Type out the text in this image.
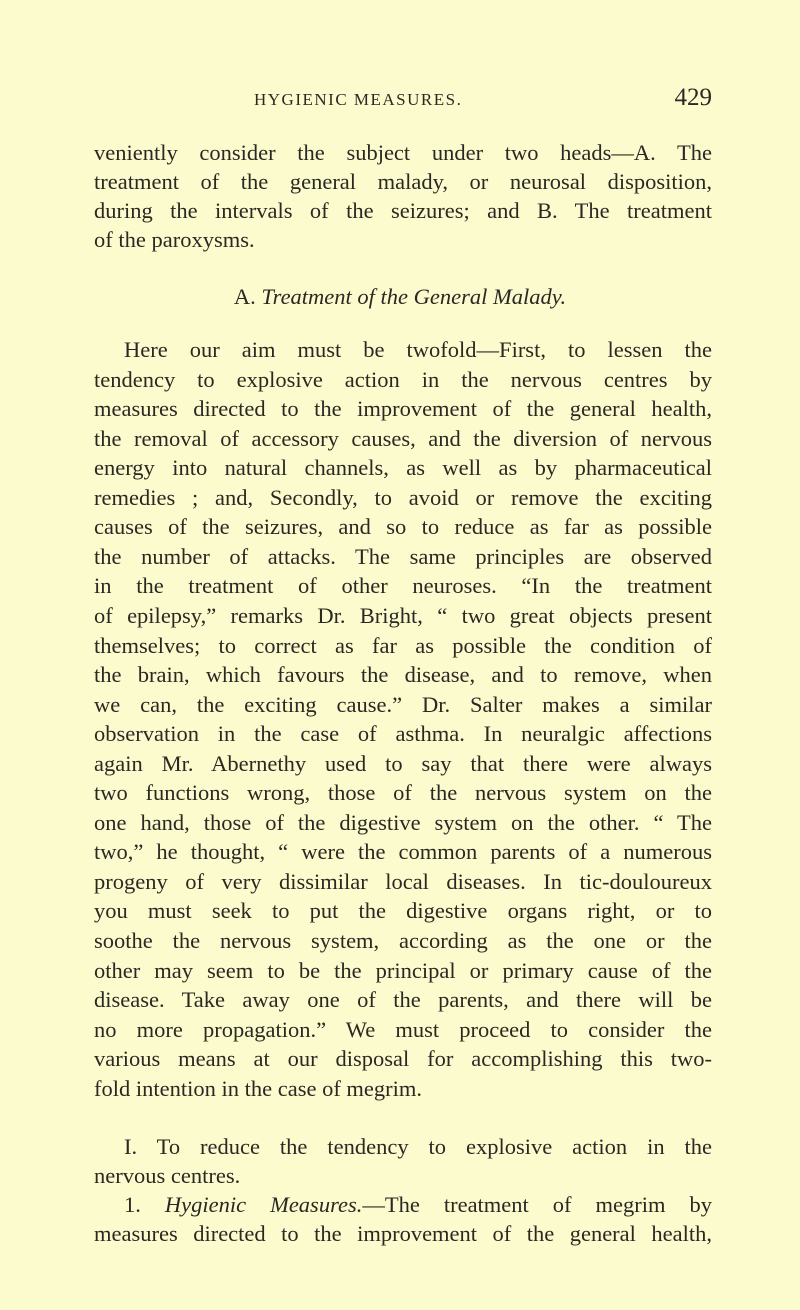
HYGIENIC MEASURES.	429
veniently consider the subject under two heads—A. The
treatment of the general malady, or neurosal disposition,
during the intervals of the seizures; and B. The treatment
of the paroxysms.
A. Treatment of the General Malady.
Here our aim must be twofold—First, to lessen the
tendency to explosive action in the nervous centres by
measures directed to the improvement of the general health,
the removal of accessory causes, and the diversion of nervous
energy into natural channels, as well as by pharmaceutical
remedies ; and, Secondly, to avoid or remove the exciting
causes of the seizures, and so to reduce as far as possible
the number of attacks. The same principles are observed
in the treatment of other neuroses. “In the treatment
of epilepsy,” remarks Dr. Bright, “ two great objects present
themselves; to correct as far as possible the condition of
the brain, which favours the disease, and to remove, when
we can, the exciting cause.” Dr. Salter makes a similar
observation in the case of asthma. In neuralgic affections
again Mr. Abernethy used to say that there were always
two functions wrong, those of the nervous system on the
one hand, those of the digestive system on the other. “ The
two,” he thought, “ were the common parents of a numerous
progeny of very dissimilar local diseases. In tic-douloureux
you must seek to put the digestive organs right, or to
soothe the nervous system, according as the one or the
other may seem to be the principal or primary cause of the
disease. Take away one of the parents, and there will be
no more propagation.” We must proceed to consider the
various means at our disposal for accomplishing this two-
fold intention in the case of megrim.
I. To reduce the tendency to explosive action in the
nervous centres.
1. Hygienic Measures.—The treatment of megrim by
measures directed to the improvement of the general health,
